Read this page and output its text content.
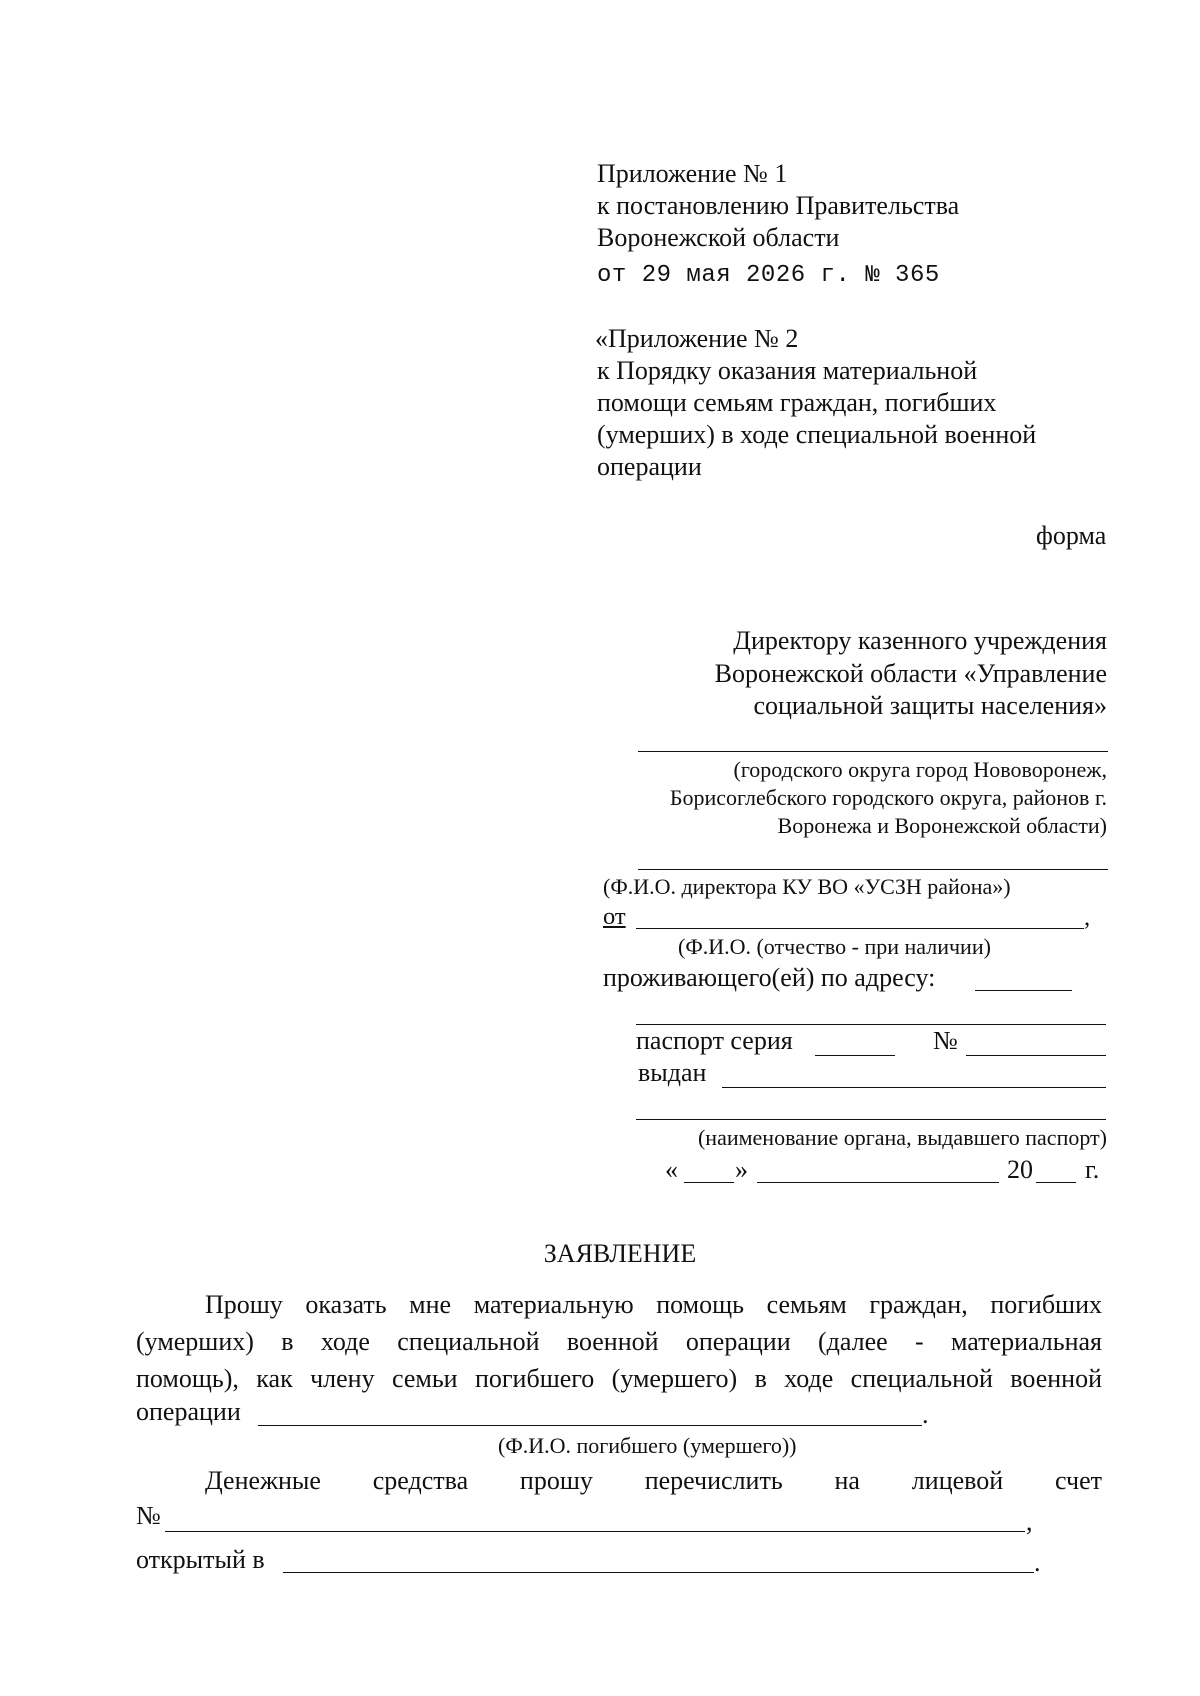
Приложение № 1
к постановлению Правительства
Воронежской области
от 29 мая 2026 г. № 365
«Приложение № 2
к Порядку оказания материальной
помощи семьям граждан, погибших
(умерших) в ходе специальной военной
операции
форма
Директору казенного учреждения
Воронежской области «Управление
социальной защиты населения»
(городского округа город Нововоронеж,
Борисоглебского городского округа, районов г.
Воронежа и Воронежской области)
(Ф.И.О. директора КУ ВО «УСЗН района»)
от	,
(Ф.И.О. (отчество - при наличии)
проживающего(ей) по адресу:
паспорт серия	№
выдан
(наименование органа, выдавшего паспорт)
« »	20 г.
ЗАЯВЛЕНИЕ
Прошу оказать мне материальную помощь семьям граждан, погибших
(умерших) в ходе специальной военной операции (далее - материальная
помощь), как члену семьи погибшего (умершего) в ходе специальной военной
операции	.
(Ф.И.О. погибшего (умершего))
Денежные средства прошу перечислить на лицевой счет
№	,
открытый в	.
